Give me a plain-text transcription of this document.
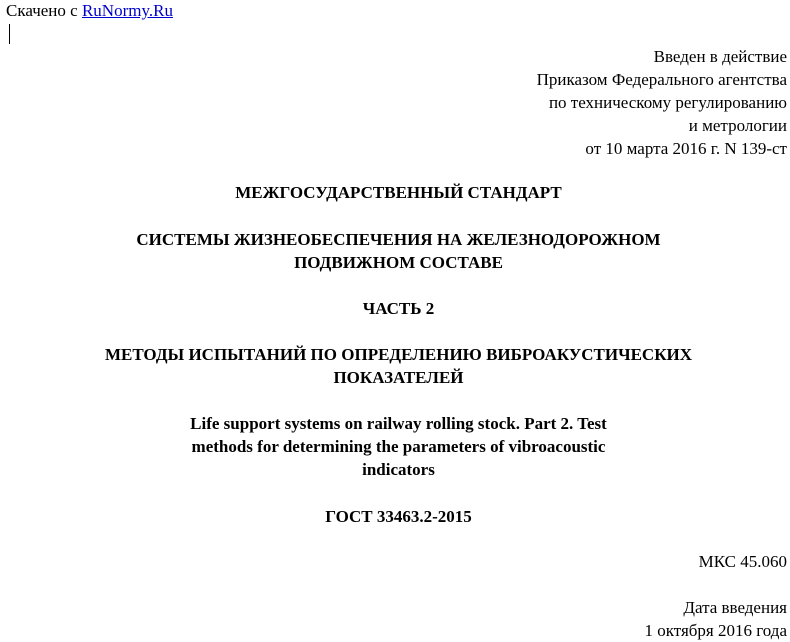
Скачено с RuNormy.Ru
Введен в действие
Приказом Федерального агентства
по техническому регулированию
и метрологии
от 10 марта 2016 г. N 139-ст
МЕЖГОСУДАРСТВЕННЫЙ СТАНДАРТ
СИСТЕМЫ ЖИЗНЕОБЕСПЕЧЕНИЯ НА ЖЕЛЕЗНОДОРОЖНОМ
ПОДВИЖНОМ СОСТАВЕ
ЧАСТЬ 2
МЕТОДЫ ИСПЫТАНИЙ ПО ОПРЕДЕЛЕНИЮ ВИБРОАКУСТИЧЕСКИХ
ПОКАЗАТЕЛЕЙ
Life support systems on railway rolling stock. Part 2. Test
methods for determining the parameters of vibroacoustic
indicators
ГОСТ 33463.2-2015
МКС 45.060
Дата введения
1 октября 2016 года
